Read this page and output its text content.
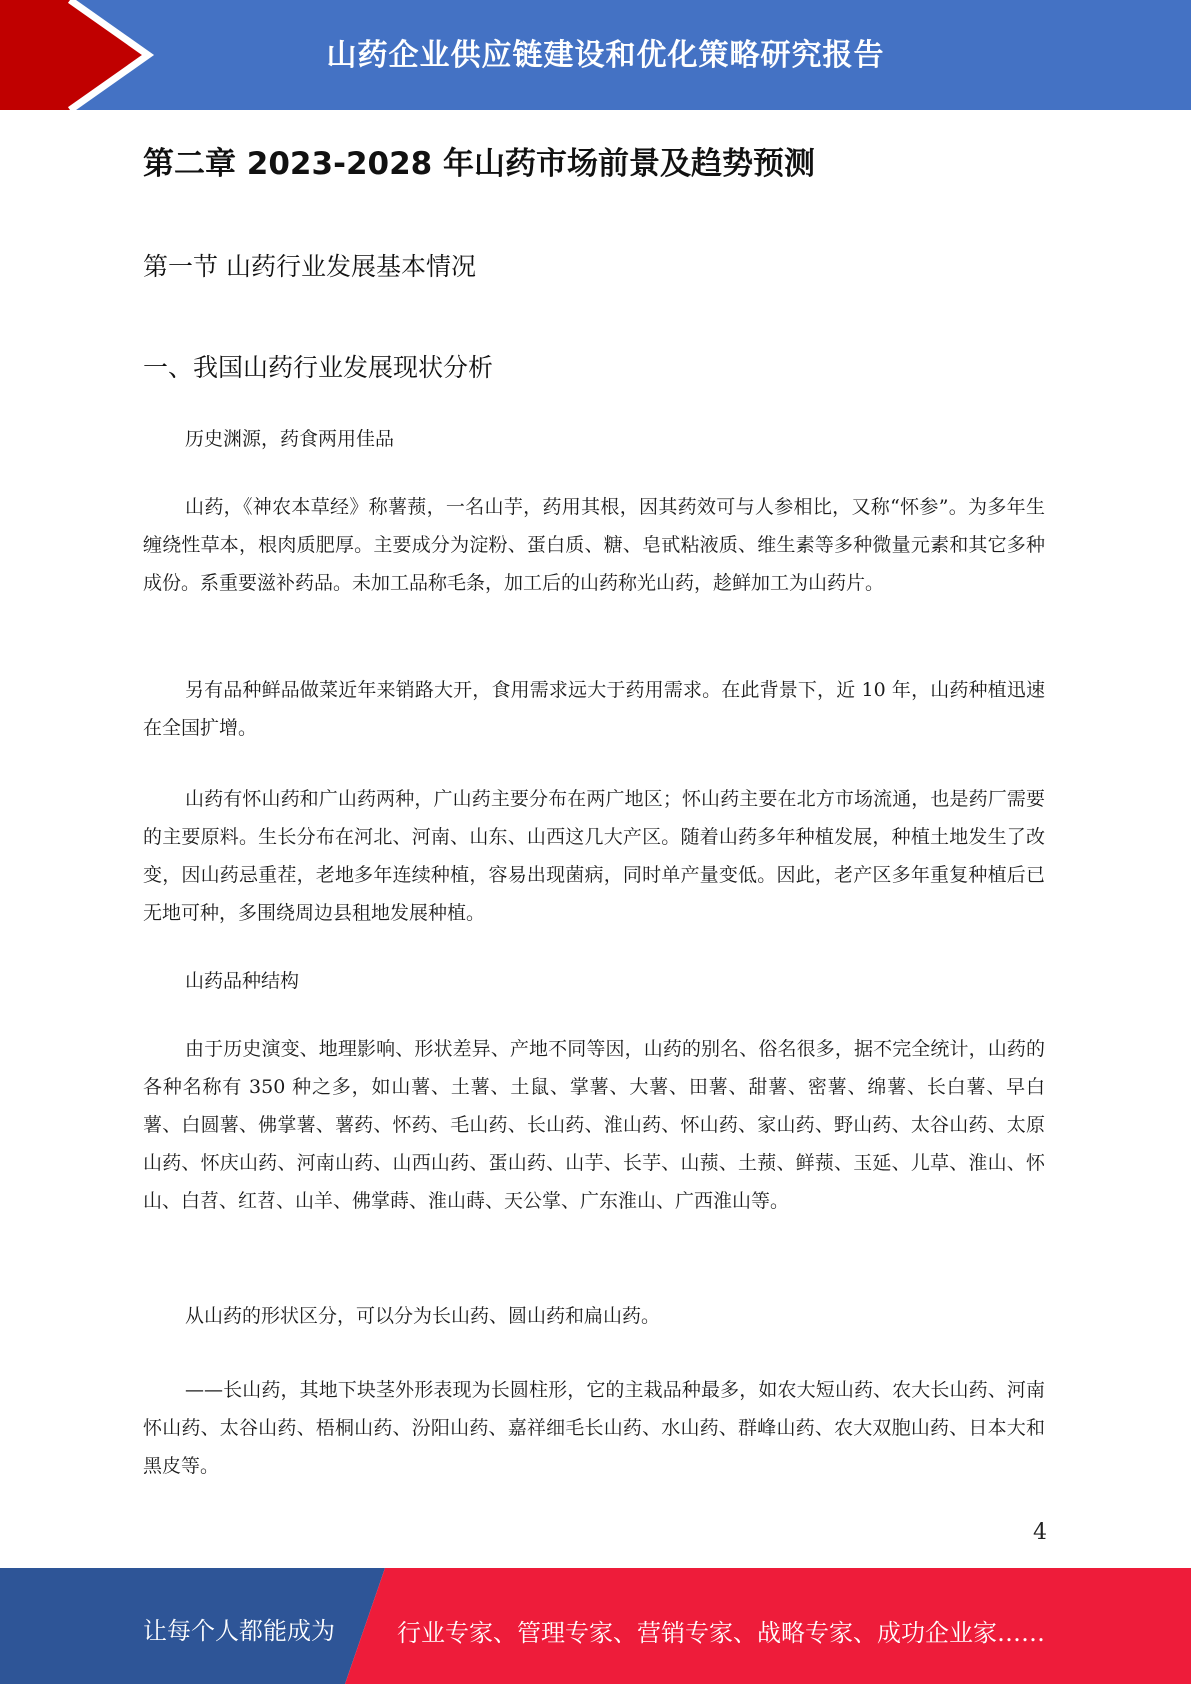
山药企业供应链建设和优化策略研究报告
第二章 2023-2028 年山药市场前景及趋势预测
第一节 山药行业发展基本情况
一、我国山药行业发展现状分析

历史渊源，药食两用佳品

山药，《神农本草经》称薯蓣，一名山芋，药用其根，因其药效可与人参相比，又称“怀参”。为多年生缠绕性草本，根肉质肥厚。主要成分为淀粉、蛋白质、糖、皂甙粘液质、维生素等多种微量元素和其它多种成份。系重要滋补药品。未加工品称毛条，加工后的山药称光山药，趁鲜加工为山药片。

另有品种鲜品做菜近年来销路大开，食用需求远大于药用需求。在此背景下，近 10 年，山药种植迅速在全国扩增。

山药有怀山药和广山药两种，广山药主要分布在两广地区；怀山药主要在北方市场流通，也是药厂需要的主要原料。生长分布在河北、河南、山东、山西这几大产区。随着山药多年种植发展，种植土地发生了改变，因山药忌重茬，老地多年连续种植，容易出现菌病，同时单产量变低。因此，老产区多年重复种植后已无地可种，多围绕周边县租地发展种植。

山药品种结构

由于历史演变、地理影响、形状差异、产地不同等因，山药的别名、俗名很多，据不完全统计，山药的各种名称有 350 种之多，如山薯、土薯、土鼠、掌薯、大薯、田薯、甜薯、密薯、绵薯、长白薯、早白薯、白圆薯、佛掌薯、薯药、怀药、毛山药、长山药、淮山药、怀山药、家山药、野山药、太谷山药、太原山药、怀庆山药、河南山药、山西山药、蛋山药、山芋、长芋、山蓣、土蓣、鲜蓣、玉延、儿草、淮山、怀山、白苕、红苕、山羊、佛掌蒔、淮山蒔、天公掌、广东淮山、广西淮山等。

从山药的形状区分，可以分为长山药、圆山药和扁山药。

——长山药，其地下块茎外形表现为长圆柱形，它的主栽品种最多，如农大短山药、农大长山药、河南怀山药、太谷山药、梧桐山药、汾阳山药、嘉祥细毛长山药、水山药、群峰山药、农大双胞山药、日本大和黑皮等。

4
让每个人都能成为	行业专家、管理专家、营销专家、战略专家、成功企业家……
